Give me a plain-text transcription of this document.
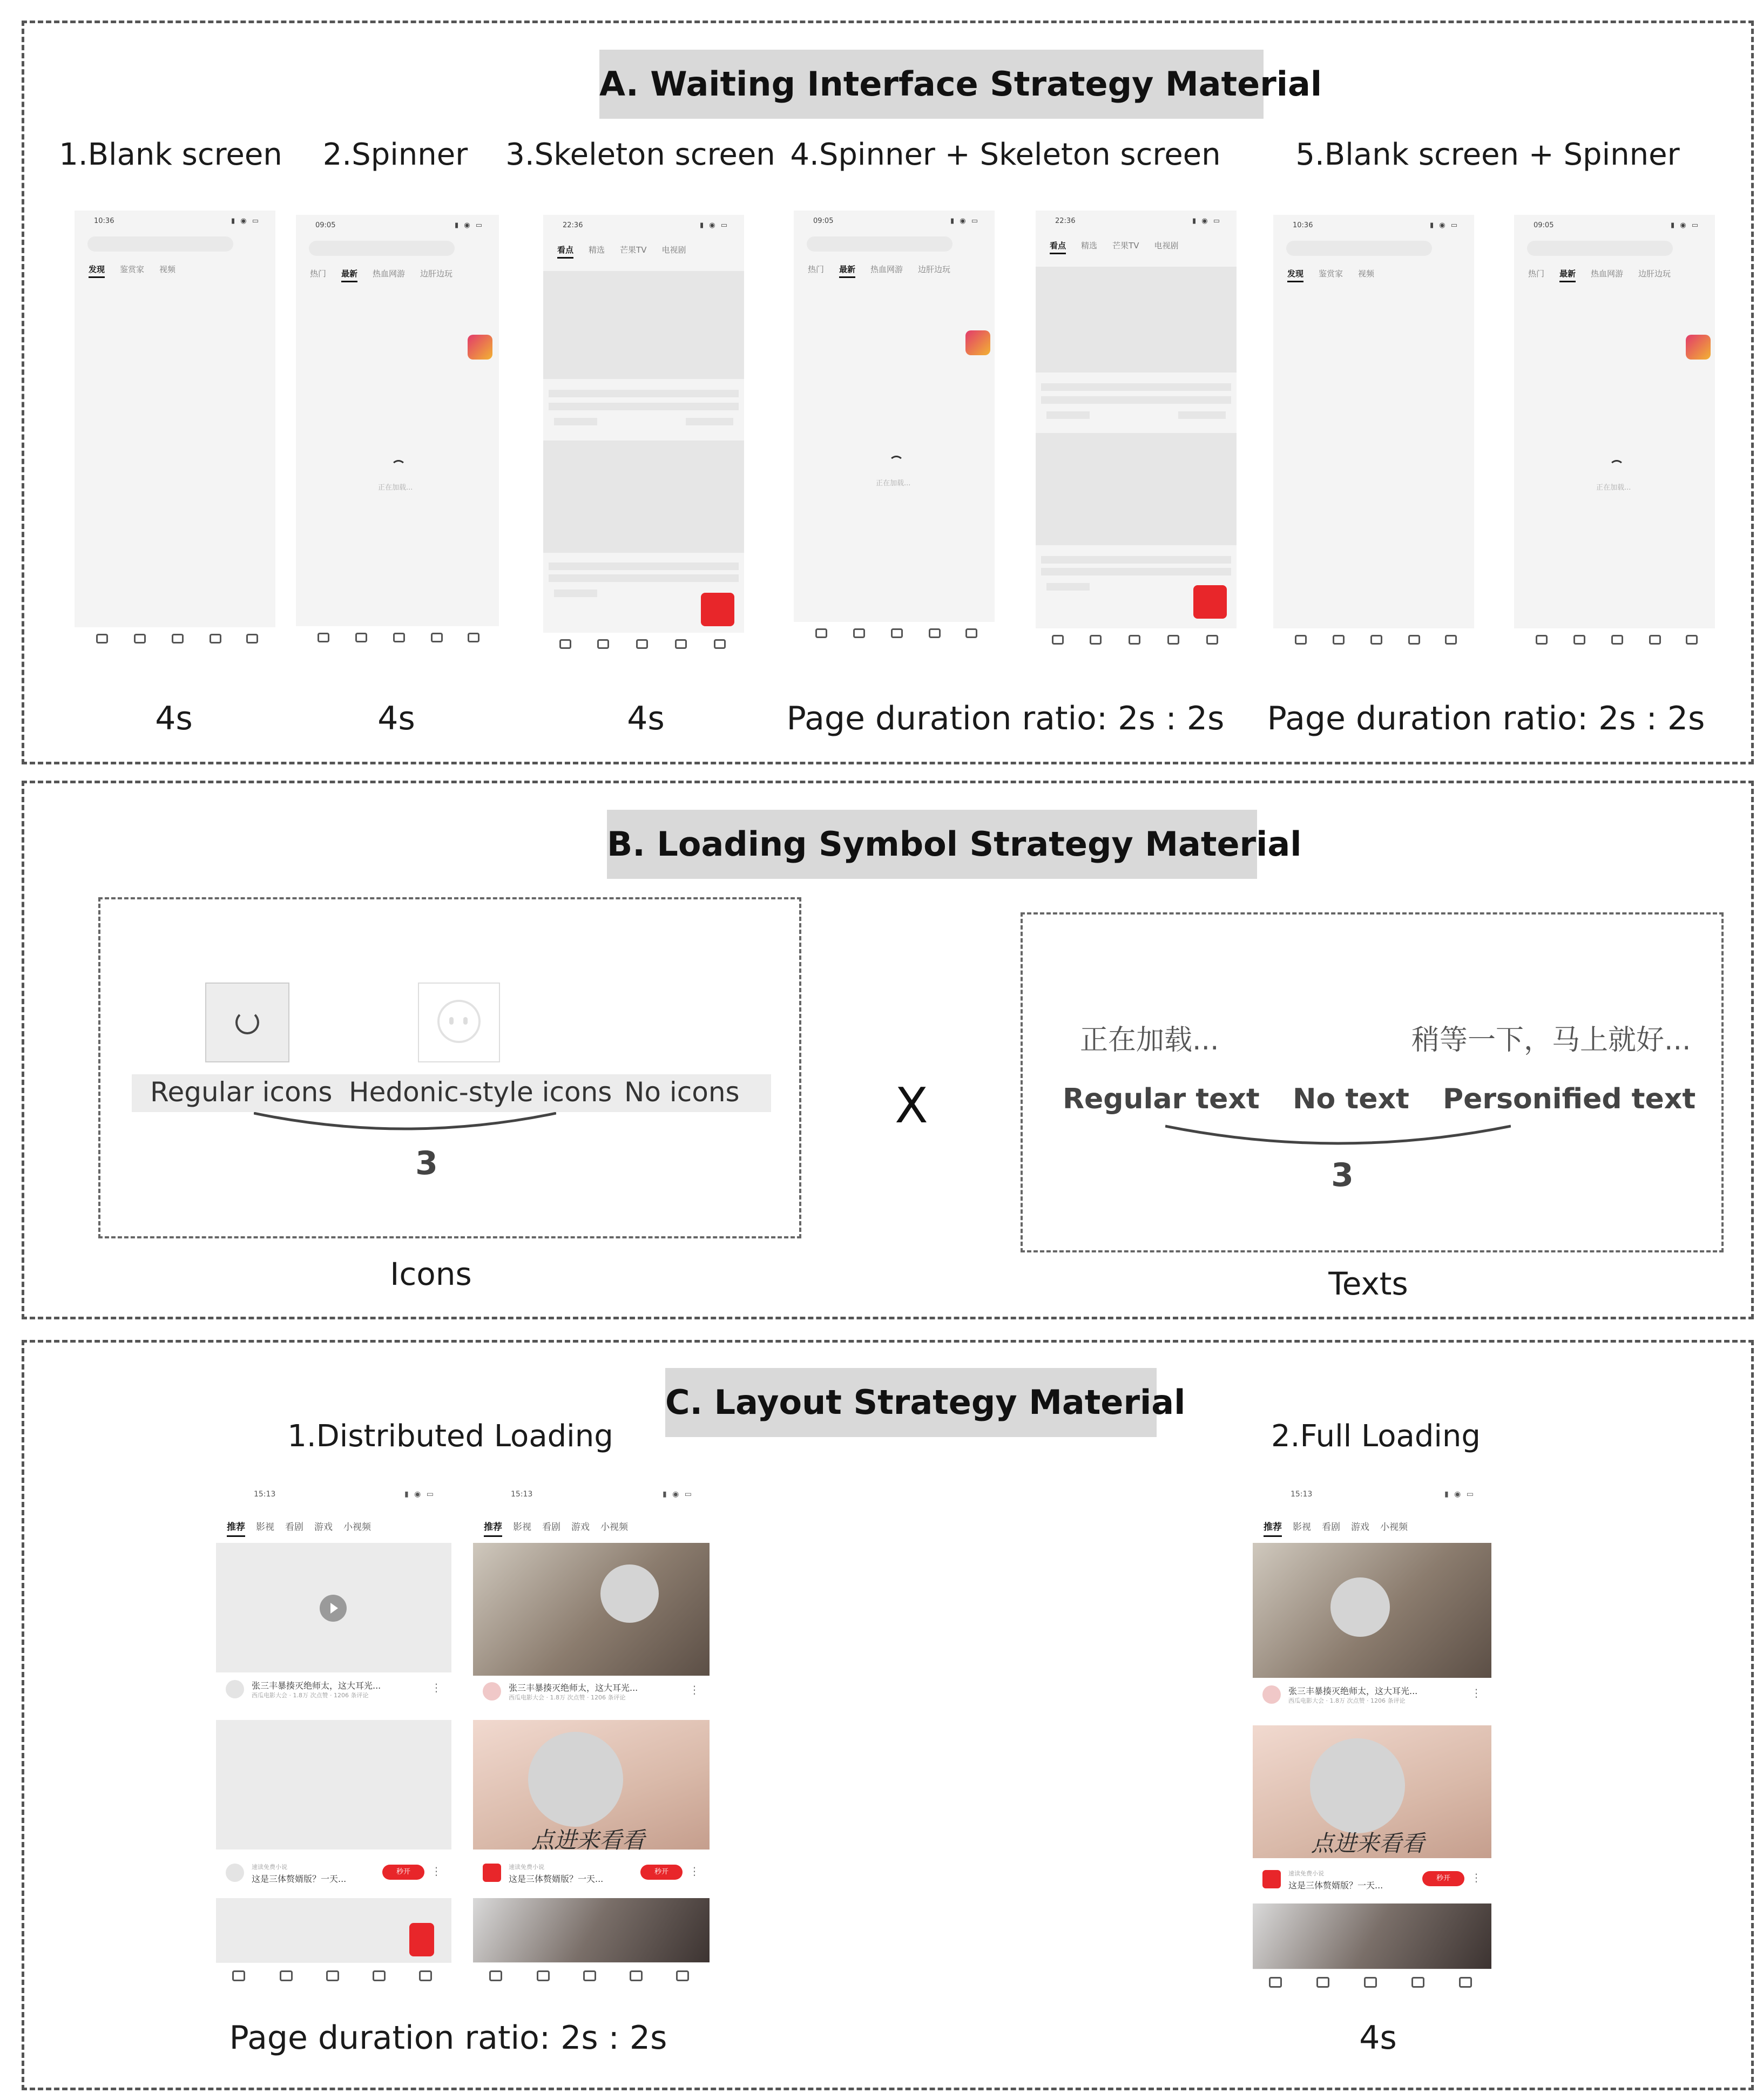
A. Waiting Interface Strategy Material
1.Blank screen 2.Spinner 3.Skeleton screen 4.Spinner + Skeleton screen 5.Blank screen + Spinner
10:36	▮ ◉ ▭
发现 鉴赏家 视频
09:05	▮ ◉ ▭
热门 最新 热血网游 边肝边玩
正在加载...
22:36	▮ ◉ ▭
看点 精选 芒果TV 电视剧
09:05	▮ ◉ ▭
热门 最新 热血网游 边肝边玩
正在加载...
22:36	▮ ◉ ▭
看点 精选 芒果TV 电视剧
10:36	▮ ◉ ▭
发现 鉴赏家 视频
09:05	▮ ◉ ▭
热门 最新 热血网游 边肝边玩
正在加载...
4s	4s	4s	Page duration ratio: 2s : 2s Page duration ratio: 2s : 2s
B. Loading Symbol Strategy Material
Regular icons Hedonic-style icons No icons
3
Icons
X
正在加载...	稍等一下，马上就好...
Regular text No text Personified text
3
Texts
C. Layout Strategy Material
1.Distributed Loading	2.Full Loading
15:13	▮ ◉ ▭
推荐 影视 看剧 游戏 小视频
张三丰暴揍灭绝师太，这大耳光...
西瓜电影大会 · 1.8万 次点赞 · 1206 条评论
⋮
速读免费小说
这是三体赘婿版？一天...
秒开	⋮
15:13	▮ ◉ ▭
推荐 影视 看剧 游戏 小视频
张三丰暴揍灭绝师太，这大耳光...
西瓜电影大会 · 1.8万 次点赞 · 1206 条评论
⋮
点进来看看
速读免费小说
这是三体赘婿版？一天...
秒开	⋮
15:13	▮ ◉ ▭
推荐 影视 看剧 游戏 小视频
张三丰暴揍灭绝师太，这大耳光...
西瓜电影大会 · 1.8万 次点赞 · 1206 条评论
⋮
点进来看看
速读免费小说
这是三体赘婿版？一天...
秒开	⋮
Page duration ratio: 2s : 2s	4s
